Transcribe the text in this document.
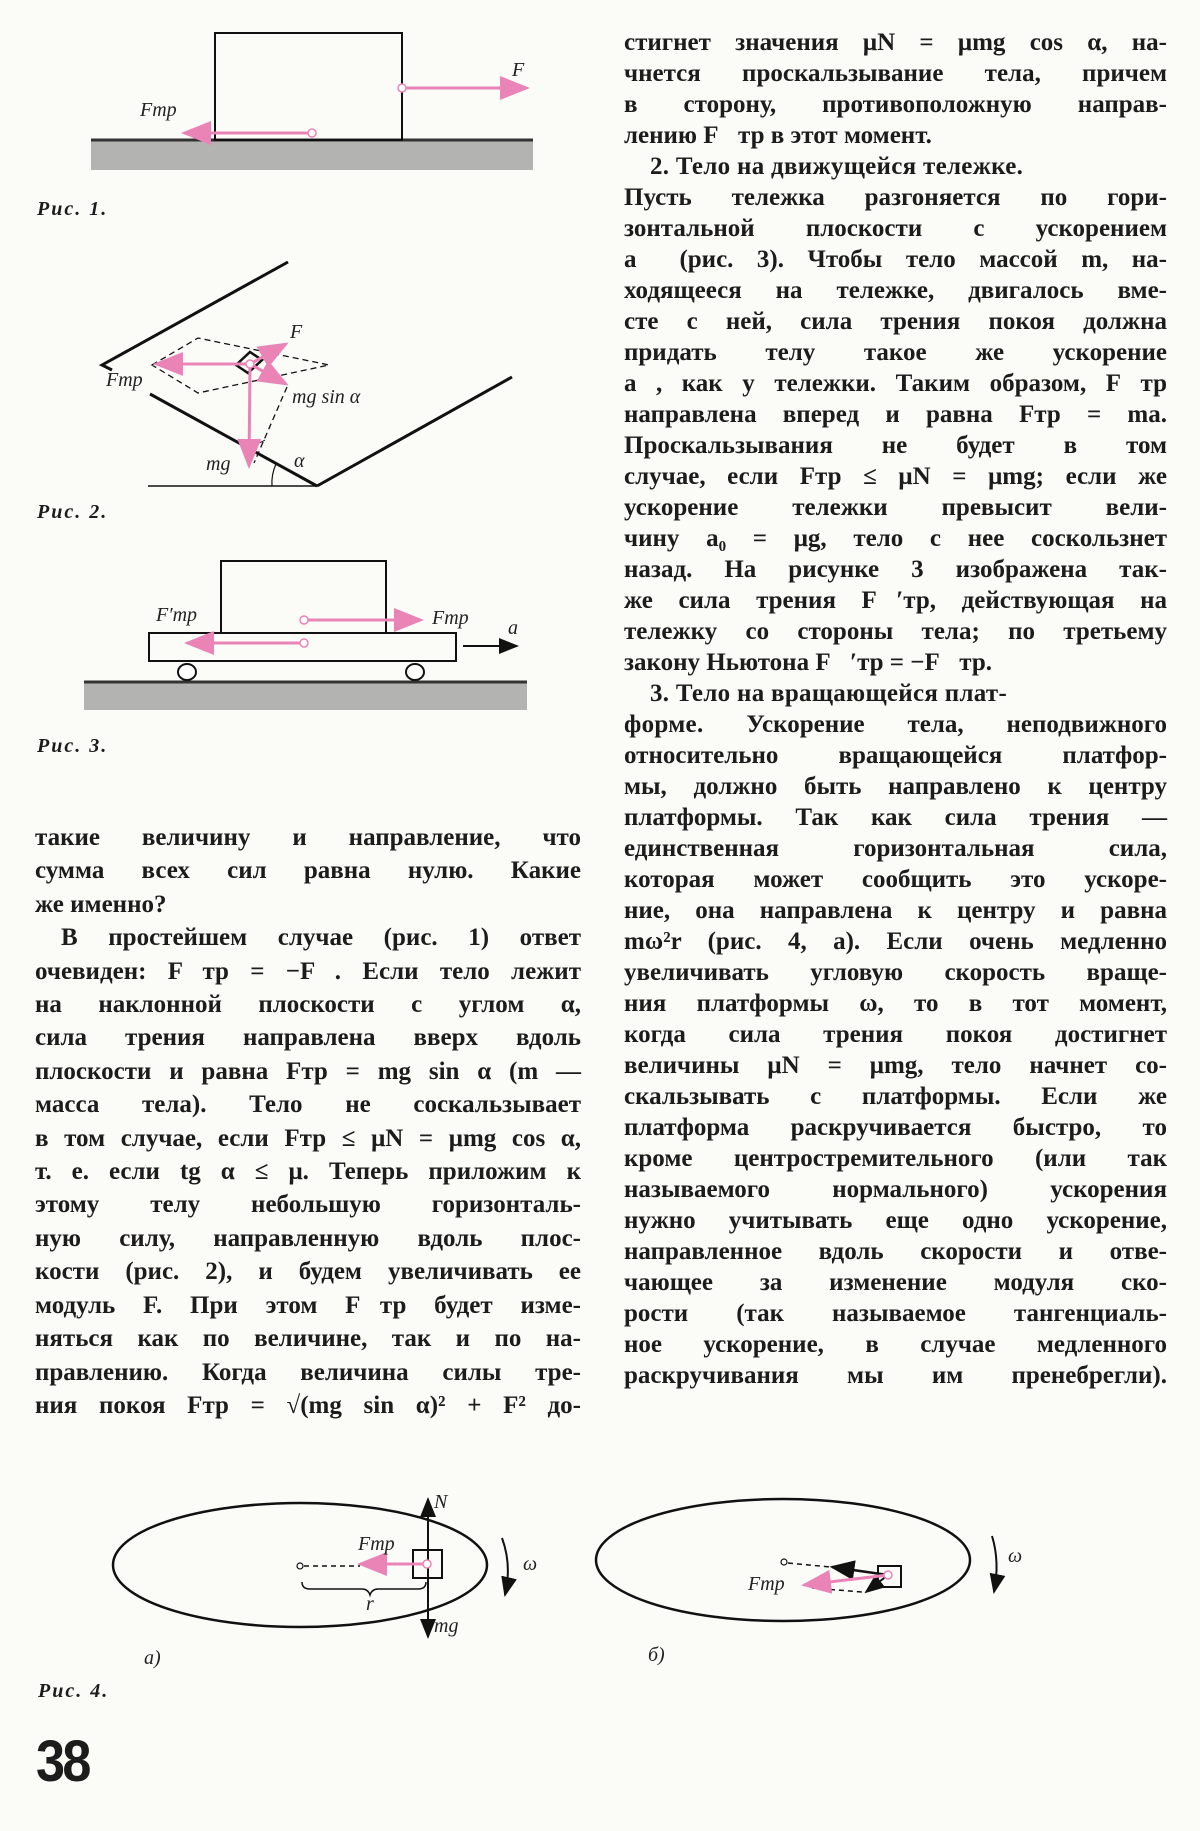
F
Fтр
F
Fтр
mg sin α
mg	α
F′тр	Fтр a
N
mg
Fтр
r
ω
а)
Fтр
ω
б)
Рис. 1.
Рис. 2.
Рис. 3.
Рис. 4.
такие величину и направление, что
сумма всех сил равна нулю. Какие
же именно?
В простейшем случае (рис. 1) ответ
очевиден: F⃗тр = −F⃗. Если тело лежит
на наклонной плоскости с углом α,
сила трения направлена вверх вдоль
плоскости и равна Fтр = mg sin α (m —
масса тела). Тело не соскальзывает
в том случае, если Fтр ≤ μN = μmg cos α,
т. е. если tg α ≤ μ. Теперь приложим к
этому телу небольшую горизонталь-
ную силу, направленную вдоль плос-
кости (рис. 2), и будем увеличивать ее
модуль F. При этом F⃗тр будет изме-
няться как по величине, так и по на-
правлению. Когда величина силы тре-
ния покоя Fтр = √(mg sin α)² + F² до-
стигнет значения μN = μmg cos α, на-
чнется проскальзывание тела, причем
в сторону, противоположную направ-
лению F⃗тр в этот момент.
2. Тело на движущейся тележке.
Пусть тележка разгоняется по гори-
зонтальной плоскости с ускорением
a⃗ (рис. 3). Чтобы тело массой m, на-
ходящееся на тележке, двигалось вме-
сте с ней, сила трения покоя должна
придать телу такое же ускорение
a⃗, как у тележки. Таким образом, F⃗тр
направлена вперед и равна Fтр = ma.
Проскальзывания не будет в том
случае, если Fтр ≤ μN = μmg; если же
ускорение тележки превысит вели-
чину a₀ = μg, тело с нее соскользнет
назад. На рисунке 3 изображена так-
же сила трения F⃗′тр, действующая на
тележку со стороны тела; по третьему
закону Ньютона F⃗′тр = −F⃗тр.
3. Тело на вращающейся плат-
форме. Ускорение тела, неподвижного
относительно вращающейся платфор-
мы, должно быть направлено к центру
платформы. Так как сила трения —
единственная горизонтальная сила,
которая может сообщить это ускоре-
ние, она направлена к центру и равна
mω²r (рис. 4, a). Если очень медленно
увеличивать угловую скорость враще-
ния платформы ω, то в тот момент,
когда сила трения покоя достигнет
величины μN = μmg, тело начнет со-
скальзывать с платформы. Если же
платформа раскручивается быстро, то
кроме центростремительного (или так
называемого нормального) ускорения
нужно учитывать еще одно ускорение,
направленное вдоль скорости и отве-
чающее за изменение модуля ско-
рости (так называемое тангенциаль-
ное ускорение, в случае медленного
раскручивания мы им пренебрегли).
38
